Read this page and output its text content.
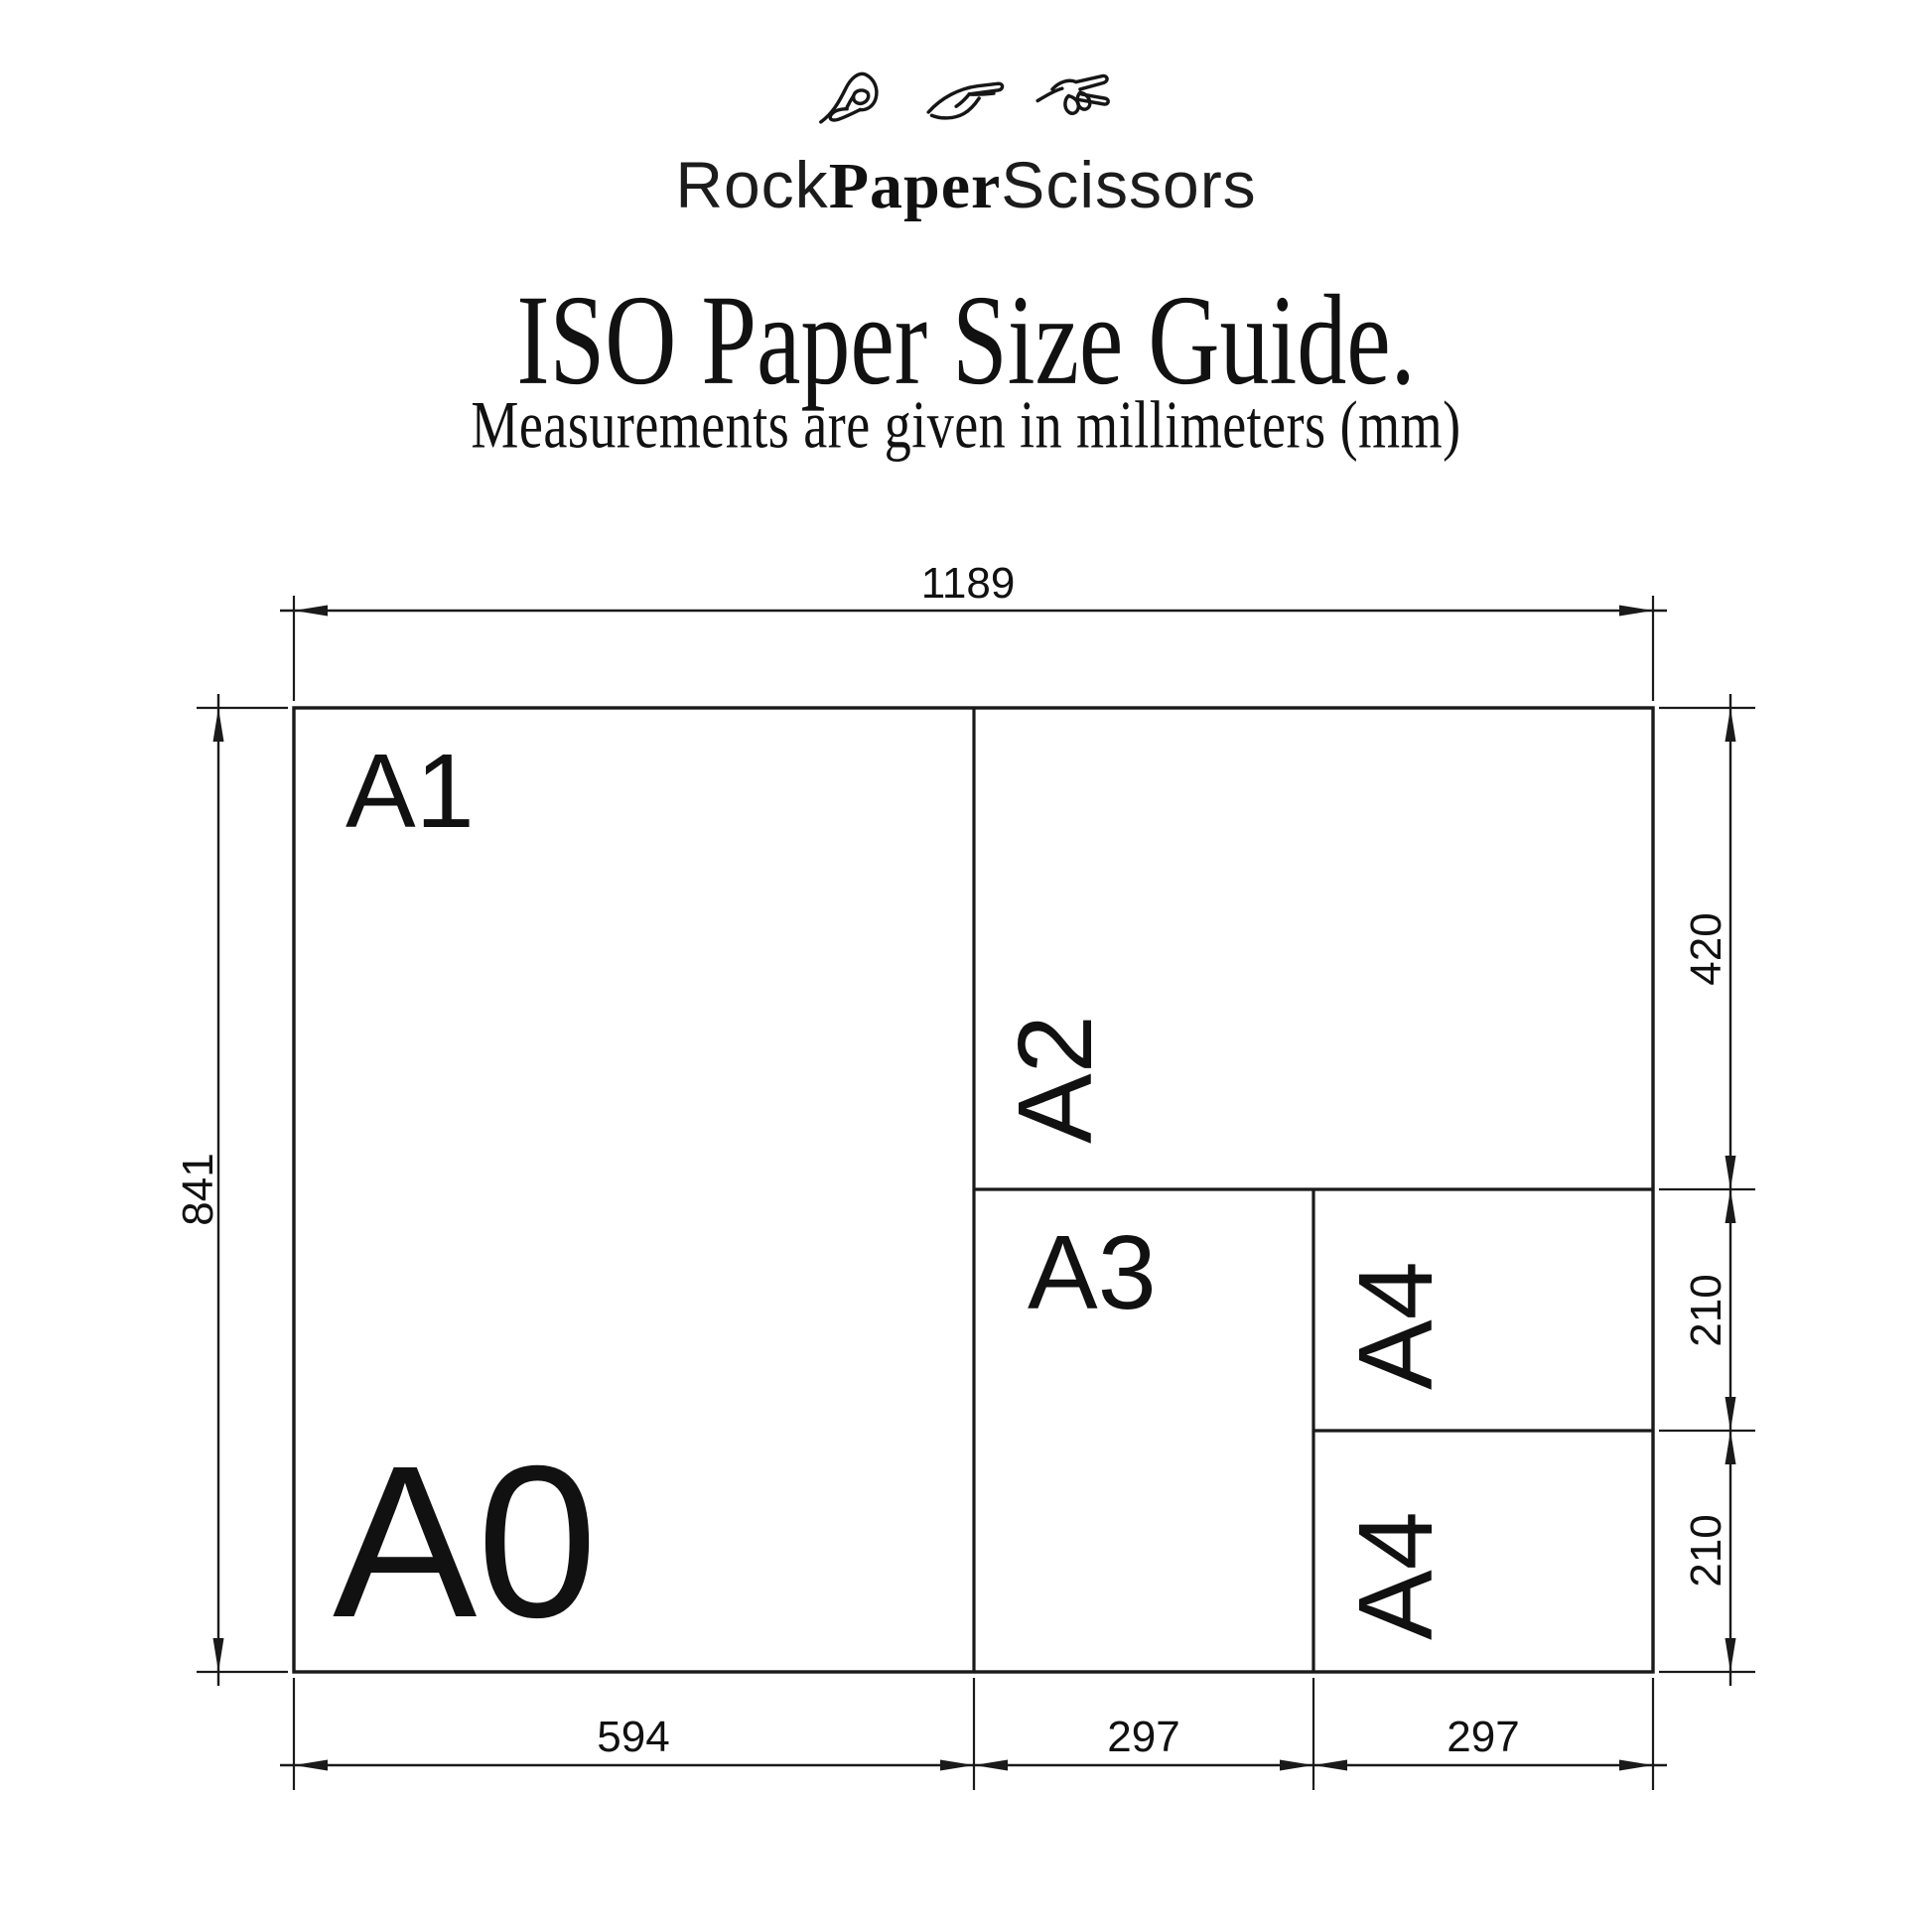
RockPaperScissors
ISO Paper Size Guide.
Measurements are given in millimeters (mm)
1189
841
420
210
210
594	297	297
A1
A0
A2
A3 A4
A4
